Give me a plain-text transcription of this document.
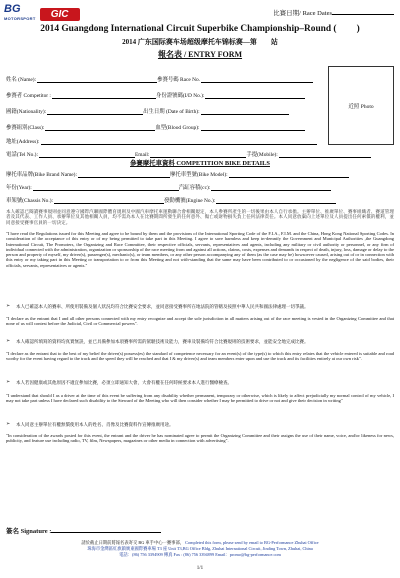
BG
MOTORSPORT	GIC	比賽日期/ Race Dates
2014 Guangdong International Circuit Superbike Championship–Round ( )
2014 广东国际赛车场超级摩托车锦标赛—第　　站
報名表 / ENTRY FORM
近照 Photo
姓名 (Name):	參賽号碼 Race No.
參賽者 Competitor :	身份證號碼(I/D No.):
國籍(Nationality):	出生日期 (Date of Birth):
參賽組別(Class):	血型(Blood Group):
地址(Address):
電話(Tel No.):	Email:	手提(Mobile):
參賽摩托車資料 COMPETITION BIKE DETAILS
摩托車品牌(Bike Brand Name):	摩托車型號(Bike Model):
年份(Year):	汽缸容積(cc):
車架號(Chassis No.):	發動機號(Engine No.):
本人確認已閱讀賽事規則並同意遵守國際汽聯國際體育規則及中國汽車摩托車運動聯合會相關規定，本人參賽所產生的一切後果由本人自行承擔。主辦單位、推廣單位、賽事組織者、賽道管理者及其代表、工作人員、承辦單位及其他相關人員，均不需為本人在比賽期間所發生的任何意外、傷亡或財物損失負上任何法律責任。本人同意放棄向上述單位及人員提出任何索償的權利，並同意接受賽事官員的一切決定。
"I have read the Regulations issued for this Meeting and agree to be bound by them and the provisions of the International Sporting Code of the F.I.A., F.I.M. and the China, Hong Kong National Sporting Codes. In consideration of the acceptance of this entry or of my being permitted to take part in this Meeting. I agree to save harmless and keep in-demnify the Government and Municipal Authorities ,the Guangdong International Circuit, The Promoters, the Organizing and Race Committee, their respective officials, servants, representatives and agents, including any military or civil authority or personnel, or any firm of individual connected with the administration, organization or sponsorship of the race meeting from and against all actions, claims, costs, expenses and demands in respect of death, injury, loss, damage or delay to the person and property of myself, my driver(s), passenger(s), mechanic(s), or team members, or any other person accompanying any of them (as the case may be) howsoever caused, arising out of or in connection with this entry or my taking part in this Meeting or transportation to or from this Meeting and not with-standing that the same may have been contributed to or occasioned by the negligence of the said bodies, their officials, servants, representatives or agents."
➢	本人已確認本人的賽車、所使用裝備及個人狀況均符合比賽安全要求，並同意接受賽事所在地法院的管轄及按照中華人民共和國法律處理一切爭議。
"I declare as the entrant that I and all other persons connected with my entry recognize and accept the sole jurisdiction in all matters arising out of the race meeting is vested in the Organizing Committee and that none of us will contest before the Judicial, Civil or Commercial powers".
➢	本人確認所填寫的資料均真實無誤，並已具備參加本項賽事所需的駕駛技術及能力，賽車及裝備均符合比賽規則的技術要求，並能安全地完成比賽。
"I declare as the entrant that to the best of my belief the driver(s) possess(es) the standard of competence necessary for an event(s) of the type(s) to which this entry relates that the vehicle entered is suitable and road worthy for the event having regard to the track and the speed they will be reached and that I & my driver(s) and team members enter upon and use the track and its facilities entirely at our own risk".
➢	本人若因健康或其他原因不適宜參加比賽，必須立即通知大會，大會有權在任何時候要求本人進行醫療檢查。
"I understand that should I as a driver at the time of this event be suffering from any disability whether permanent, temporary or otherwise, which is likely to affect prejudicially my normal control of my vehicle, I may not take part unless I have declared such disability to the Steward of the Meeting who will then consider whether I may be permitted to drive or not and give their decision in writing"
➢	本人同意主辦單位有權無償使用本人的姓名、肖像及比賽資料作宣傳推廣用途。
"In consideration of the awards posted for this event, the entrant and the driver he has nominated agree to permit the Organizing Committee and their assigns the use of their name, voice, and/or likeness for news, publicity, and feature use including radio, TV, film, Newspapers, magazines or other media in connection with advertising".
簽名 Signature :
請於截止日期前將報名表寄交 BG 車手中心一賽事部， Completed this form, please send by email to BG-Performance Zhuhai Office
珠海市金灣區紅旗鎮廣東國際賽車場 T3 座 Unit T3,BG Office Bldg, Zhuhai International Circuit, Jinding Town, Zhuhai, China
電話：(86) 756 3394909 傳真 Fax : (86) 756 3394899 Email：promo@bg-performance.com
1/1
